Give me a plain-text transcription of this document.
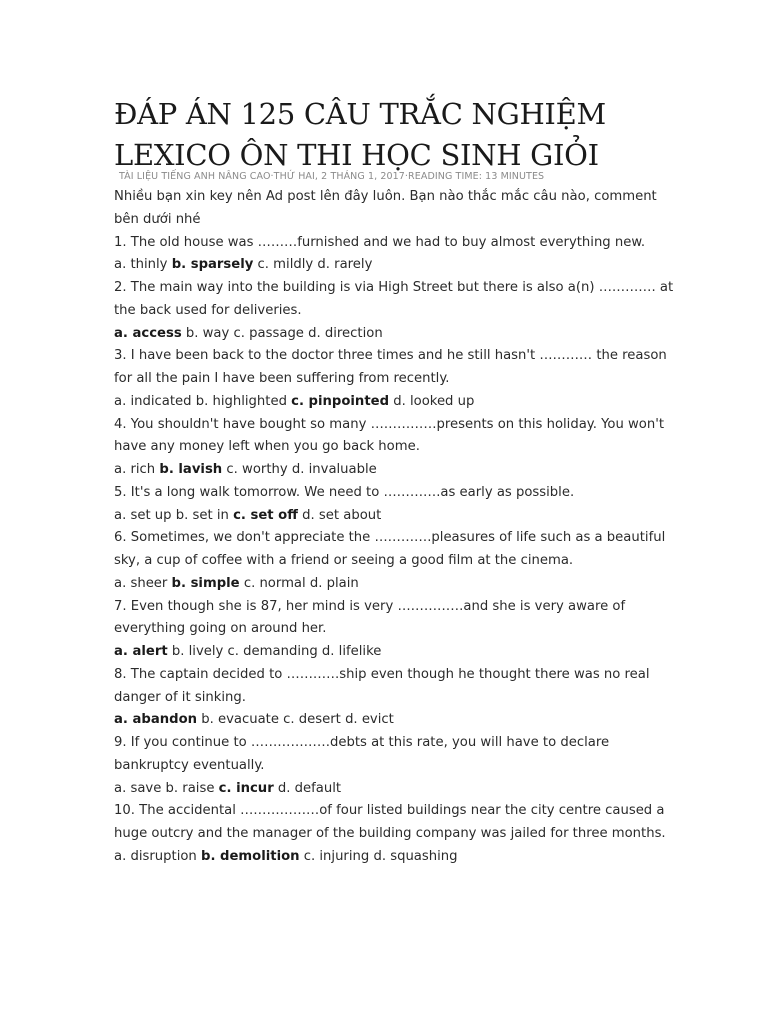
ĐÁP ÁN 125 CÂU TRẮC NGHIỆM
LEXICO ÔN THI HỌC SINH GIỎI
TÀI LIỆU TIẾNG ANH NÂNG CAO·THỨ HAI, 2 THÁNG 1, 2017·READING TIME: 13 MINUTES

Nhiều bạn xin key nên Ad post lên đây luôn. Bạn nào thắc mắc câu nào, comment bên dưới nhé

1. The old house was ………furnished and we had to buy almost everything new.

a. thinly b. sparsely c. mildly d. rarely

2. The main way into the building is via High Street but there is also a(n) …………. at the back used for deliveries.

a. access b. way c. passage d. direction

3. I have been back to the doctor three times and he still hasn't ………… the reason for all the pain I have been suffering from recently.

a. indicated b. highlighted c. pinpointed d. looked up

4. You shouldn't have bought so many ……………presents on this holiday. You won't have any money left when you go back home.

a. rich b. lavish c. worthy d. invaluable

5. It's a long walk tomorrow. We need to ………….as early as possible.

a. set up b. set in c. set off d. set about

6. Sometimes, we don't appreciate the ………….pleasures of life such as a beautiful sky, a cup of coffee with a friend or seeing a good film at the cinema.

a. sheer b. simple c. normal d. plain

7. Even though she is 87, her mind is very ……………and she is very aware of everything going on around her.

a. alert b. lively c. demanding d. lifelike

8. The captain decided to …………ship even though he thought there was no real danger of it sinking.

a. abandon b. evacuate c. desert d. evict

9. If you continue to ………………debts at this rate, you will have to declare bankruptcy eventually.

a. save b. raise c. incur d. default

10. The accidental ………………of four listed buildings near the city centre caused a huge outcry and the manager of the building company was jailed for three months.

a. disruption b. demolition c. injuring d. squashing
